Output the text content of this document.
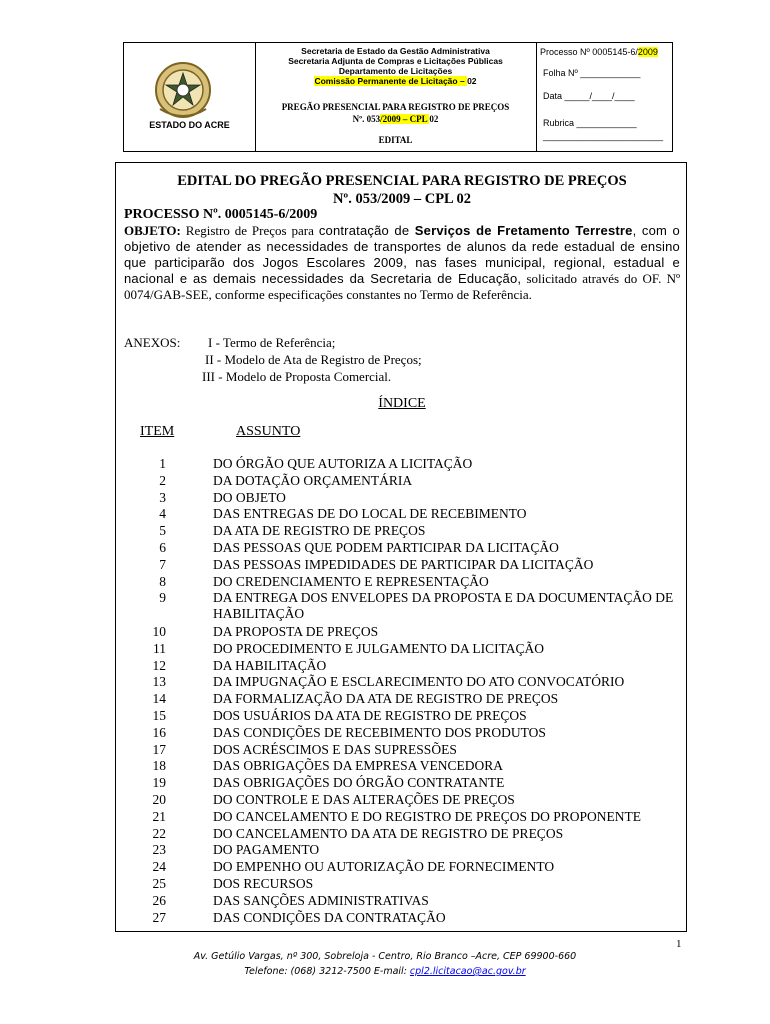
ESTADO DO ACRE
Secretaria de Estado da Gestão Administrativa
Secretaria Adjunta de Compras e Licitações Públicas
Departamento de Licitações
Comissão Permanente de Licitação – 02
PREGÃO PRESENCIAL PARA REGISTRO DE PREÇOS
Nº. 053/2009 – CPL 02
EDITAL
Processo Nº 0005145-6/2009
Folha Nº ____________
Data _____/____/____
Rubrica ____________
________________________
EDITAL DO PREGÃO PRESENCIAL PARA REGISTRO DE PREÇOS
Nº. 053/2009 – CPL 02
PROCESSO Nº. 0005145-6/2009
OBJETO: Registro de Preços para contratação de Serviços de Fretamento Terrestre, com o objetivo de atender as necessidades de transportes de alunos da rede estadual de ensino que participarão dos Jogos Escolares 2009, nas fases municipal, regional, estadual e nacional e as demais necessidades da Secretaria de Educação, solicitado através do OF. Nº 0074/GAB-SEE, conforme especificações constantes no Termo de Referência.
ANEXOS: I - Termo de Referência;
II - Modelo de Ata de Registro de Preços;
III - Modelo de Proposta Comercial.
ÍNDICE
ITEM	ASSUNTO
1	DO ÓRGÃO QUE AUTORIZA A LICITAÇÃO
2	DA DOTAÇÃO ORÇAMENTÁRIA
3	DO OBJETO
4	DAS ENTREGAS DE DO LOCAL DE RECEBIMENTO
5	DA ATA DE REGISTRO DE PREÇOS
6	DAS PESSOAS QUE PODEM PARTICIPAR DA LICITAÇÃO
7	DAS PESSOAS IMPEDIDADES DE PARTICIPAR DA LICITAÇÃO
8	DO CREDENCIAMENTO E REPRESENTAÇÃO
9	DA ENTREGA DOS ENVELOPES DA PROPOSTA E DA DOCUMENTAÇÃO DE HABILITAÇÃO
10	DA PROPOSTA DE PREÇOS
11	DO PROCEDIMENTO E JULGAMENTO DA LICITAÇÃO
12	DA HABILITAÇÃO
13	DA IMPUGNAÇÃO E ESCLARECIMENTO DO ATO CONVOCATÓRIO
14	DA FORMALIZAÇÃO DA ATA DE REGISTRO DE PREÇOS
15	DOS USUÁRIOS DA ATA DE REGISTRO DE PREÇOS
16	DAS CONDIÇÕES DE RECEBIMENTO DOS PRODUTOS
17	DOS ACRÉSCIMOS E DAS SUPRESSÕES
18	DAS OBRIGAÇÕES DA EMPRESA VENCEDORA
19	DAS OBRIGAÇÕES DO ÓRGÃO CONTRATANTE
20	DO CONTROLE E DAS ALTERAÇÕES DE PREÇOS
21	DO CANCELAMENTO E DO REGISTRO DE PREÇOS DO PROPONENTE
22	DO CANCELAMENTO DA ATA DE REGISTRO DE PREÇOS
23	DO PAGAMENTO
24	DO EMPENHO OU AUTORIZAÇÃO DE FORNECIMENTO
25	DOS RECURSOS
26	DAS SANÇÕES ADMINISTRATIVAS
27	DAS CONDIÇÕES DA CONTRATAÇÃO
1
Av. Getúlio Vargas, nº 300, Sobreloja - Centro, Rio Branco –Acre, CEP 69900-660
Telefone: (068) 3212-7500 E-mail: cpl2.licitacao@ac.gov.br
